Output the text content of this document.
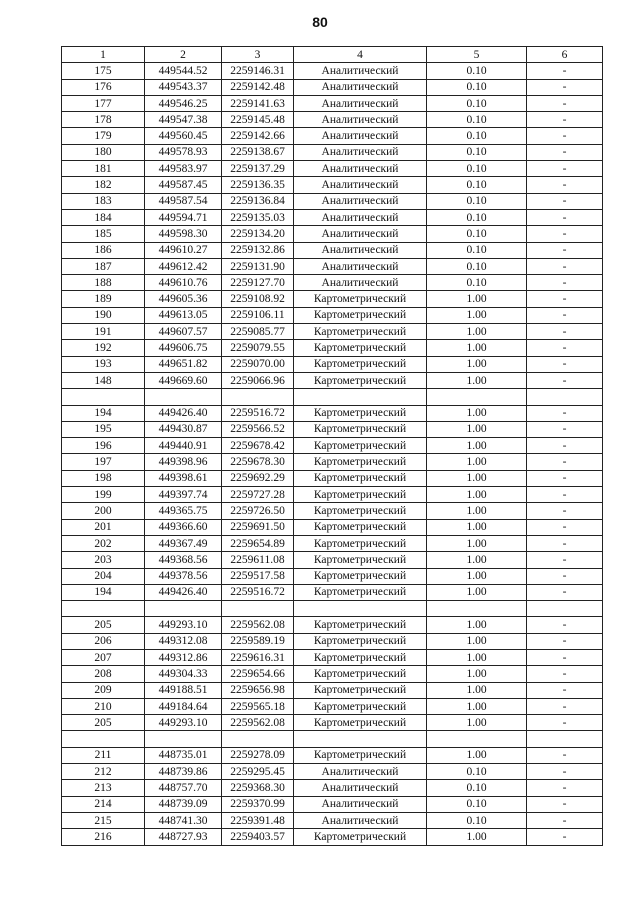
80
1	2	3	4	5	6
175	449544.52	2259146.31	Аналитический	0.10	-
176	449543.37	2259142.48	Аналитический	0.10	-
177	449546.25	2259141.63	Аналитический	0.10	-
178	449547.38	2259145.48	Аналитический	0.10	-
179	449560.45	2259142.66	Аналитический	0.10	-
180	449578.93	2259138.67	Аналитический	0.10	-
181	449583.97	2259137.29	Аналитический	0.10	-
182	449587.45	2259136.35	Аналитический	0.10	-
183	449587.54	2259136.84	Аналитический	0.10	-
184	449594.71	2259135.03	Аналитический	0.10	-
185	449598.30	2259134.20	Аналитический	0.10	-
186	449610.27	2259132.86	Аналитический	0.10	-
187	449612.42	2259131.90	Аналитический	0.10	-
188	449610.76	2259127.70	Аналитический	0.10	-
189	449605.36	2259108.92	Картометрический	1.00	-
190	449613.05	2259106.11	Картометрический	1.00	-
191	449607.57	2259085.77	Картометрический	1.00	-
192	449606.75	2259079.55	Картометрический	1.00	-
193	449651.82	2259070.00	Картометрический	1.00	-
148	449669.60	2259066.96	Картометрический	1.00	-

194	449426.40	2259516.72	Картометрический	1.00	-
195	449430.87	2259566.52	Картометрический	1.00	-
196	449440.91	2259678.42	Картометрический	1.00	-
197	449398.96	2259678.30	Картометрический	1.00	-
198	449398.61	2259692.29	Картометрический	1.00	-
199	449397.74	2259727.28	Картометрический	1.00	-
200	449365.75	2259726.50	Картометрический	1.00	-
201	449366.60	2259691.50	Картометрический	1.00	-
202	449367.49	2259654.89	Картометрический	1.00	-
203	449368.56	2259611.08	Картометрический	1.00	-
204	449378.56	2259517.58	Картометрический	1.00	-
194	449426.40	2259516.72	Картометрический	1.00	-

205	449293.10	2259562.08	Картометрический	1.00	-
206	449312.08	2259589.19	Картометрический	1.00	-
207	449312.86	2259616.31	Картометрический	1.00	-
208	449304.33	2259654.66	Картометрический	1.00	-
209	449188.51	2259656.98	Картометрический	1.00	-
210	449184.64	2259565.18	Картометрический	1.00	-
205	449293.10	2259562.08	Картометрический	1.00	-

211	448735.01	2259278.09	Картометрический	1.00	-
212	448739.86	2259295.45	Аналитический	0.10	-
213	448757.70	2259368.30	Аналитический	0.10	-
214	448739.09	2259370.99	Аналитический	0.10	-
215	448741.30	2259391.48	Аналитический	0.10	-
216	448727.93	2259403.57	Картометрический	1.00	-
